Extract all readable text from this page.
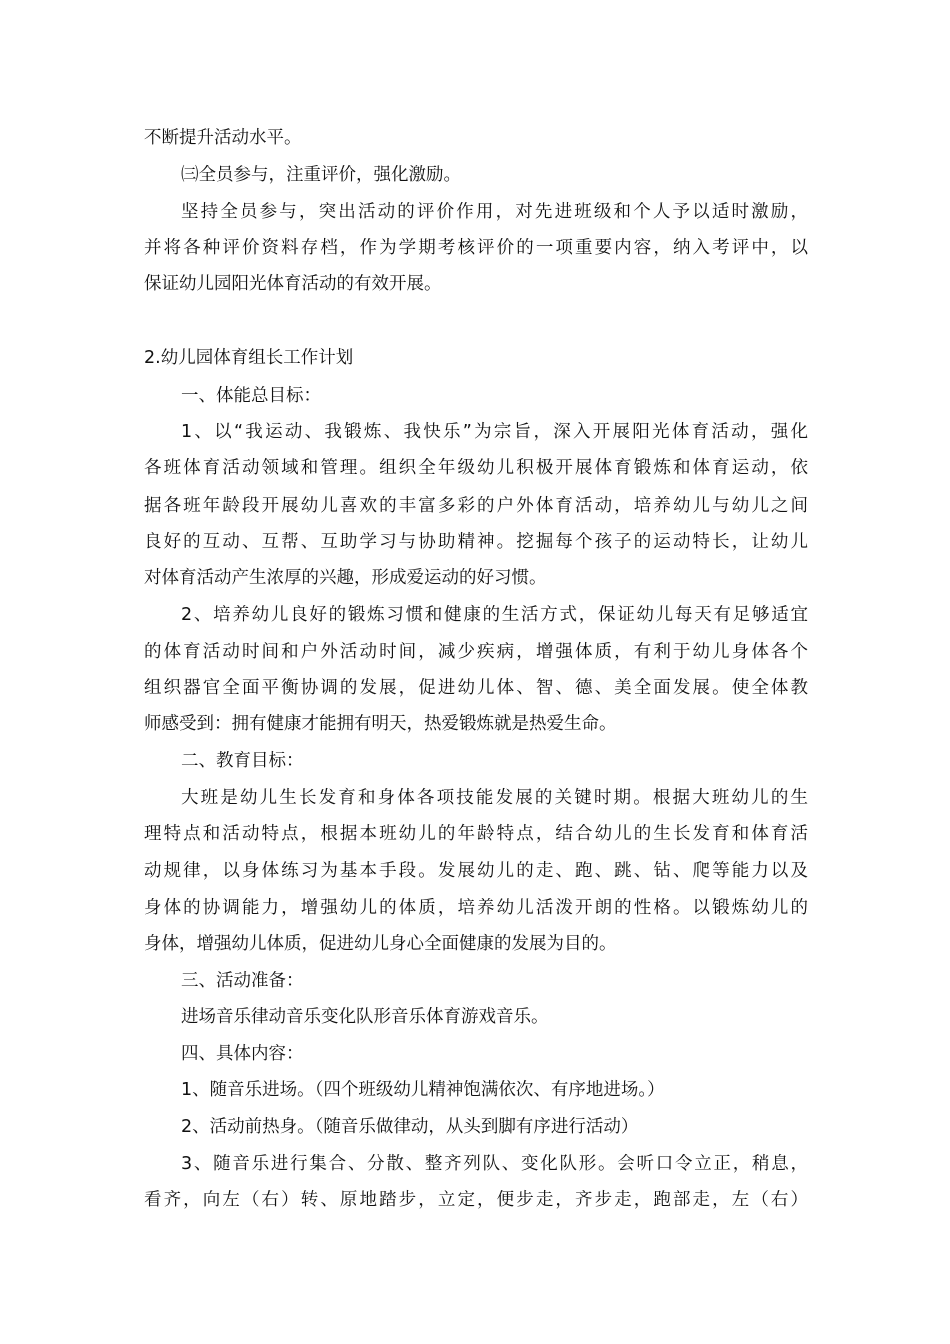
不断提升活动水平。
㈢全员参与，注重评价，强化激励。
坚持全员参与，突出活动的评价作用，对先进班级和个人予以适时激励，
并将各种评价资料存档，作为学期考核评价的一项重要内容，纳入考评中，以
保证幼儿园阳光体育活动的有效开展。
2.幼儿园体育组长工作计划
一、体能总目标：
1、以“我运动、我锻炼、我快乐”为宗旨，深入开展阳光体育活动，强化
各班体育活动领域和管理。组织全年级幼儿积极开展体育锻炼和体育运动，依
据各班年龄段开展幼儿喜欢的丰富多彩的户外体育活动，培养幼儿与幼儿之间
良好的互动、互帮、互助学习与协助精神。挖掘每个孩子的运动特长，让幼儿
对体育活动产生浓厚的兴趣，形成爱运动的好习惯。
2、培养幼儿良好的锻炼习惯和健康的生活方式，保证幼儿每天有足够适宜
的体育活动时间和户外活动时间，减少疾病，增强体质，有利于幼儿身体各个
组织器官全面平衡协调的发展，促进幼儿体、智、德、美全面发展。使全体教
师感受到：拥有健康才能拥有明天，热爱锻炼就是热爱生命。
二、教育目标：
大班是幼儿生长发育和身体各项技能发展的关键时期。根据大班幼儿的生
理特点和活动特点，根据本班幼儿的年龄特点，结合幼儿的生长发育和体育活
动规律，以身体练习为基本手段。发展幼儿的走、跑、跳、钻、爬等能力以及
身体的协调能力，增强幼儿的体质，培养幼儿活泼开朗的性格。以锻炼幼儿的
身体，增强幼儿体质，促进幼儿身心全面健康的发展为目的。
三、活动准备：
进场音乐律动音乐变化队形音乐体育游戏音乐。
四、具体内容：
1、随音乐进场。（四个班级幼儿精神饱满依次、有序地进场。）
2、活动前热身。（随音乐做律动，从头到脚有序进行活动）
3、随音乐进行集合、分散、整齐列队、变化队形。会听口令立正，稍息，
看齐，向左（右）转、原地踏步，立定，便步走，齐步走，跑部走，左（右）
